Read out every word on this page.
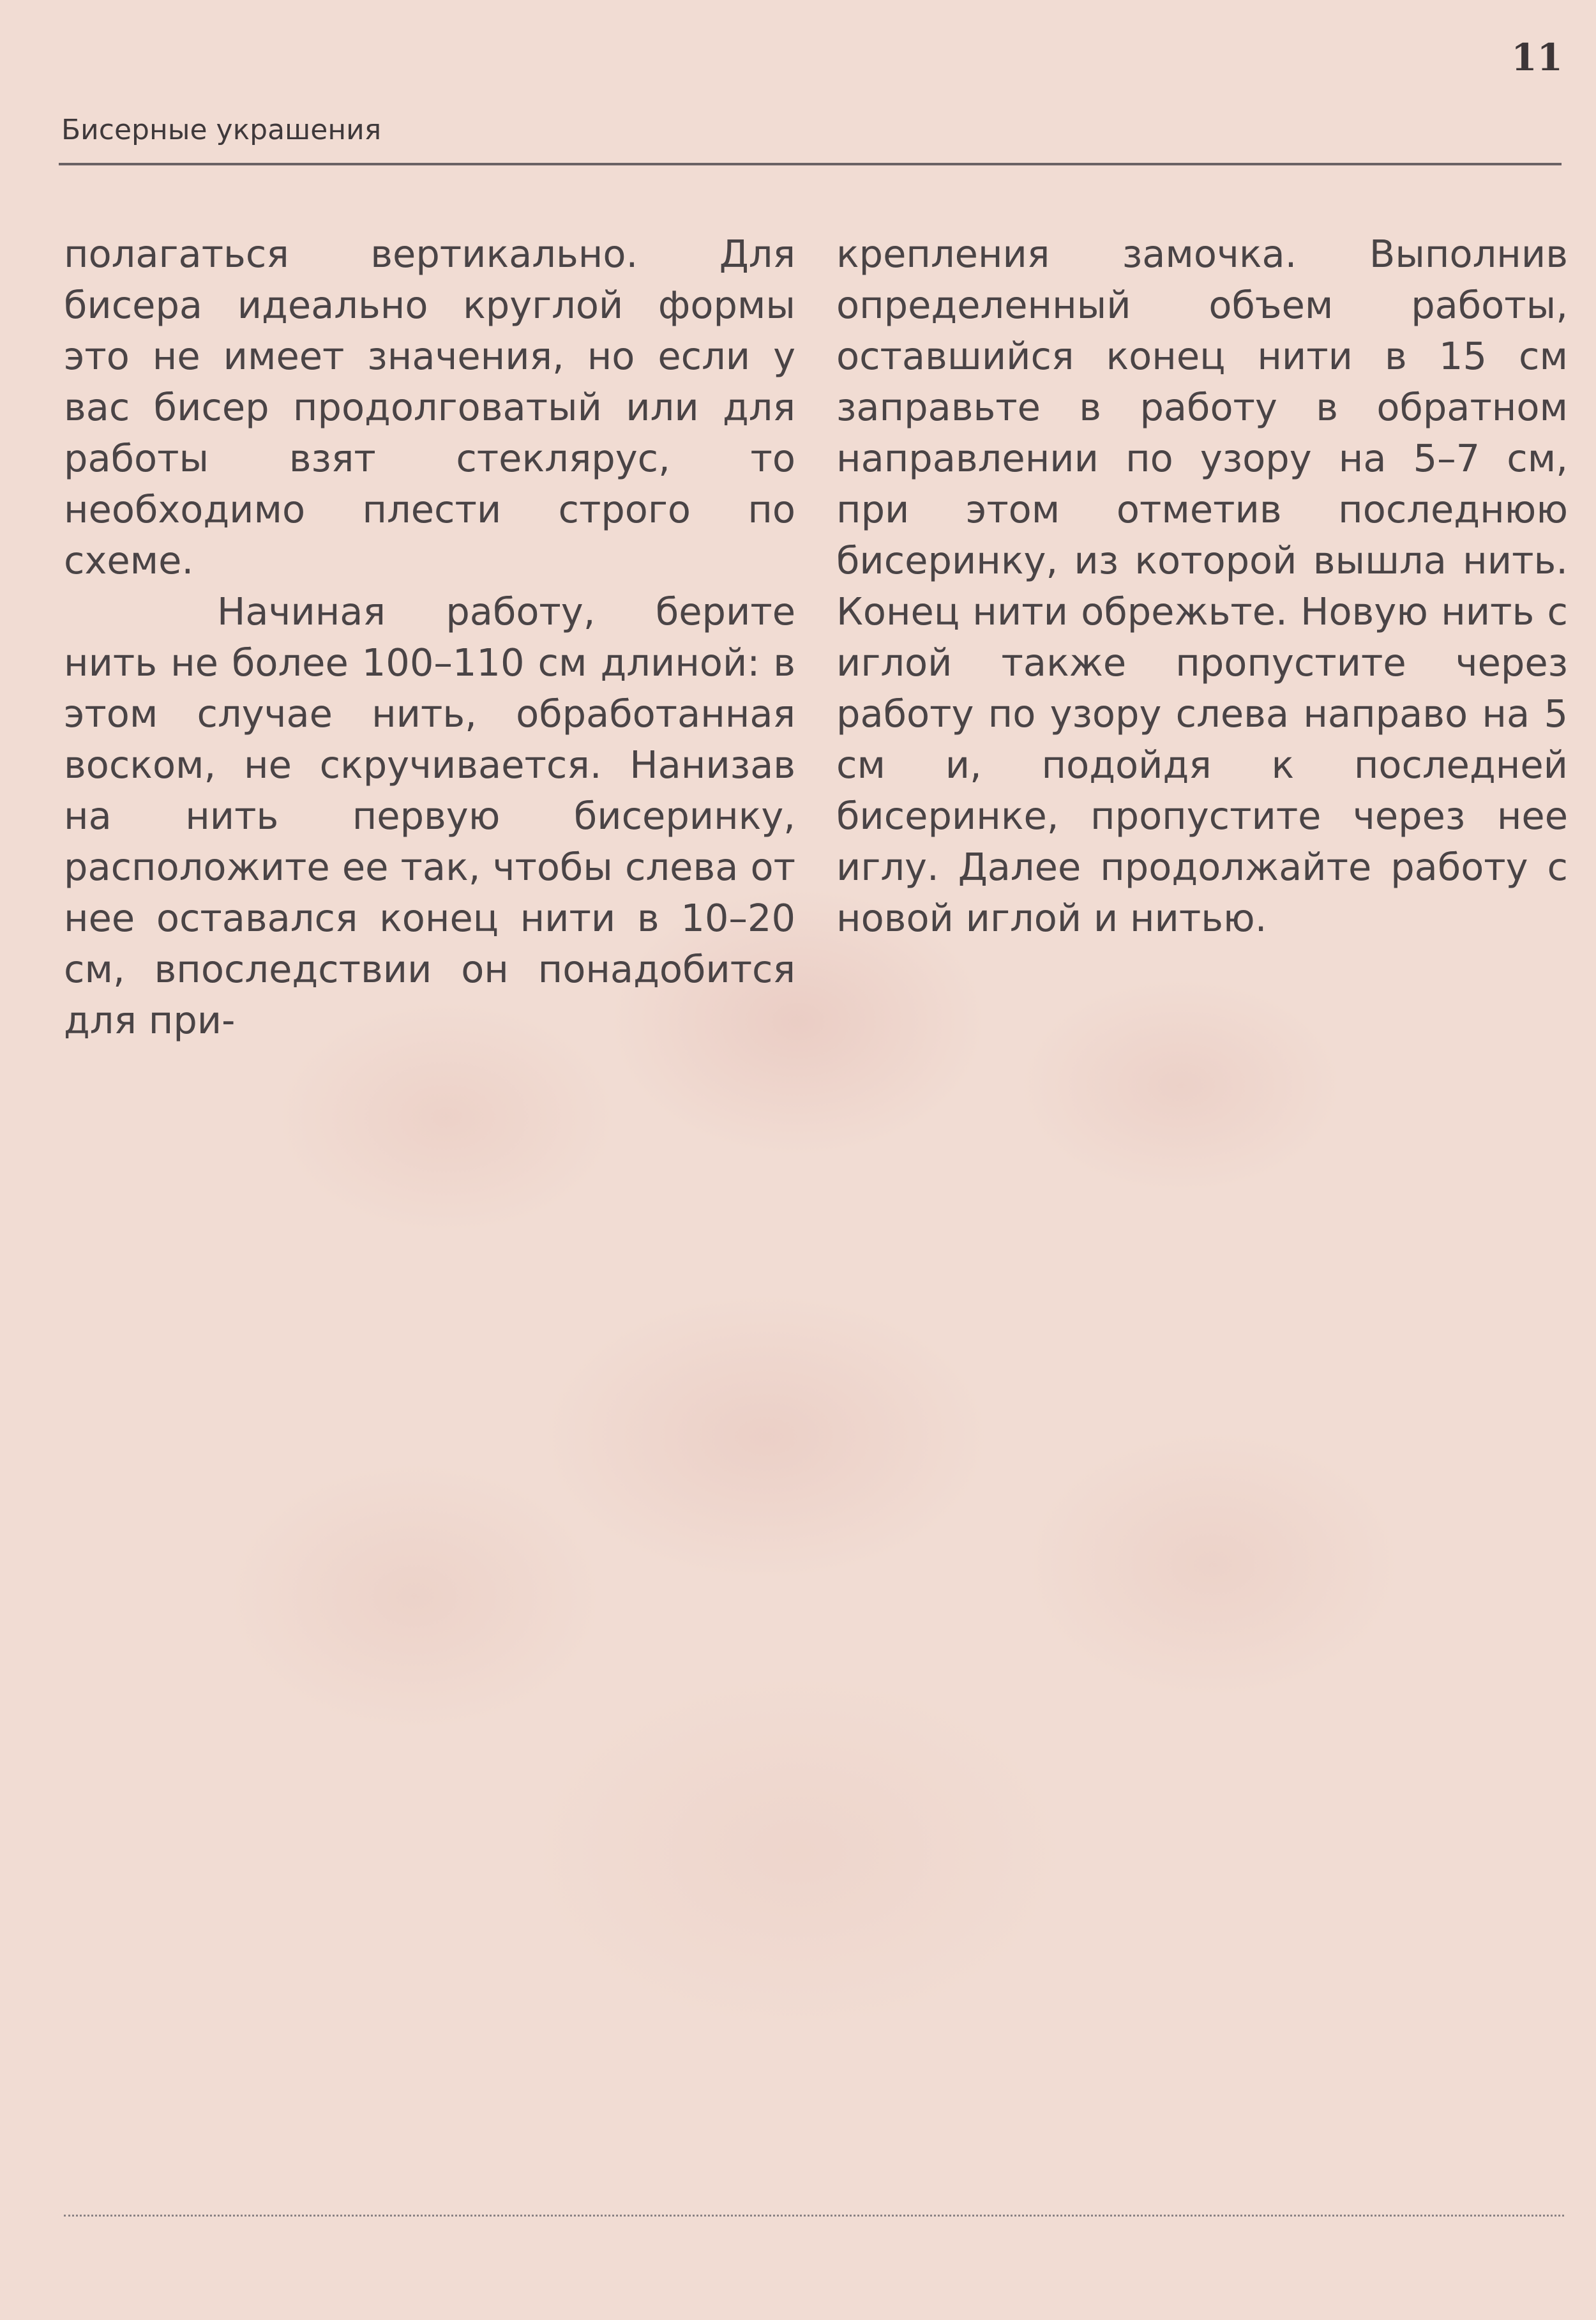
11
Бисерные украшения

полагаться вертикально. Для бисера идеально круглой формы это не имеет значения, но если у вас бисер продолговатый или для работы взят стеклярус, то необходимо плести строго по схеме.

Начиная работу, берите нить не более 100–110 см длиной: в этом случае нить, обработанная воском, не скручивается. Нанизав на нить первую бисеринку, расположите ее так, чтобы слева от нее оставался конец нити в 10–20 см, впоследствии он понадобится для при-

крепления замочка. Выполнив определенный объем работы, оставшийся конец нити в 15 см заправьте в работу в обратном направлении по узору на 5–7 см, при этом отметив последнюю бисеринку, из которой вышла нить. Конец нити обрежьте. Новую нить с иглой также пропустите через работу по узору слева направо на 5 см и, подойдя к последней бисеринке, пропустите через нее иглу. Далее продолжайте работу с новой иглой и нитью.
